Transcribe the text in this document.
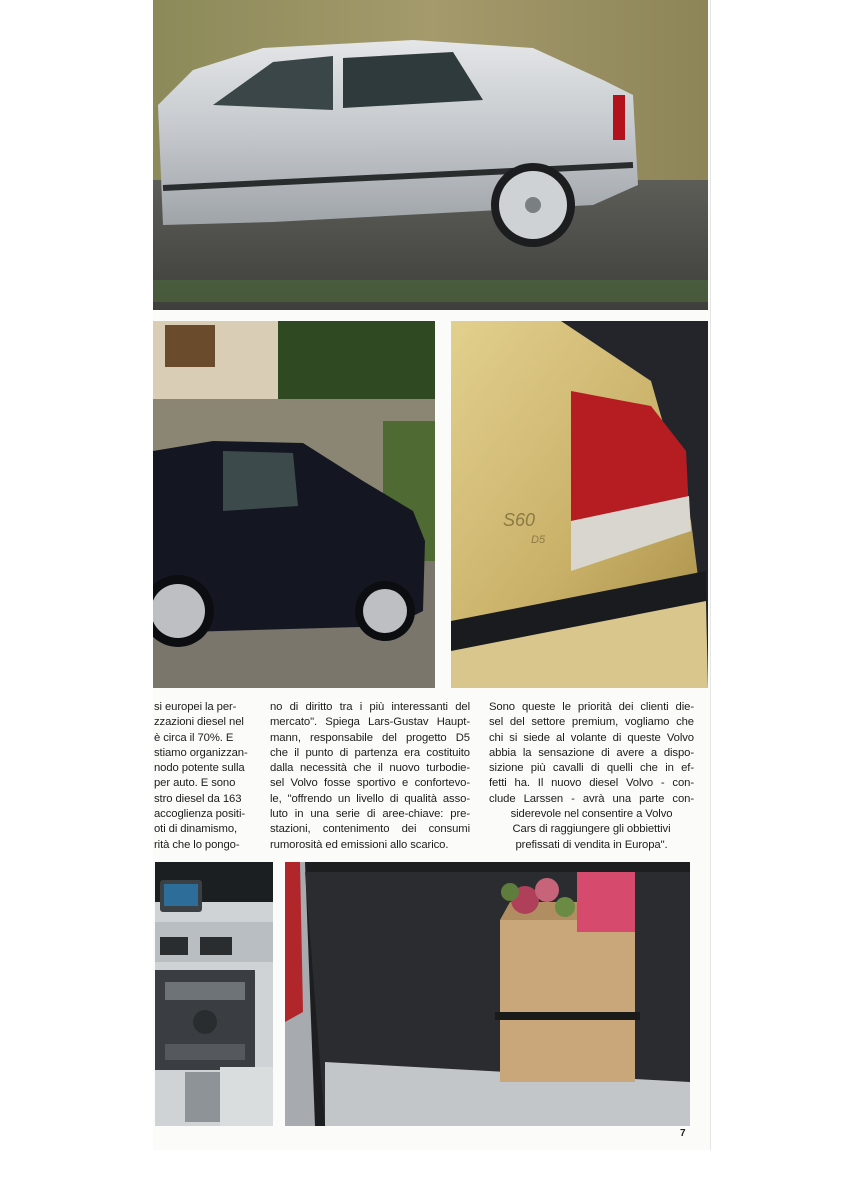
S60
D5
si europei la per-
zzazioni diesel nel
è circa il 70%. E
stiamo organizzan-
nodo potente sulla
per auto. E sono
stro diesel da 163
accoglienza positi-
oti di dinamismo,
rità che lo pongo-
no di diritto tra i più interessanti del
mercato". Spiega Lars-Gustav Haupt-
mann, responsabile del progetto D5
che il punto di partenza era costituito
dalla necessità che il nuovo turbodie-
sel Volvo fosse sportivo e confortevo-
le, "offrendo un livello di qualità asso-
luto in una serie di aree-chiave: pre-
stazioni, contenimento dei consumi
rumorosità ed emissioni allo scarico.
Sono queste le priorità dei clienti die-
sel del settore premium, vogliamo che
chi si siede al volante di queste Volvo
abbia la sensazione di avere a dispo-
sizione più cavalli di quelli che in ef-
fetti ha. Il nuovo diesel Volvo - con-
clude Larssen - avrà una parte con-
siderevole nel consentire a Volvo
Cars di raggiungere gli obbiettivi
prefissati di vendita in Europa".
7
